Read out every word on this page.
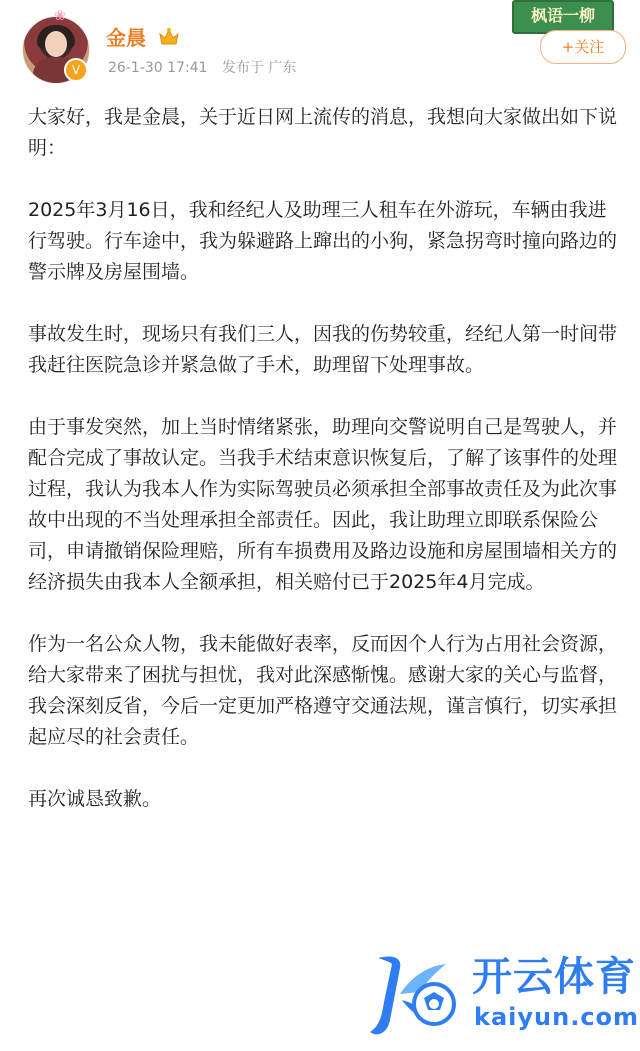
❀
V
金晨
26-1-30 17:41 发布于 广东
枫语一柳
+关注

大家好，我是金晨，关于近日网上流传的消息，我想向大家做出如下说明：

2025年3月16日，我和经纪人及助理三人租车在外游玩，车辆由我进行驾驶。行车途中，我为躲避路上蹿出的小狗，紧急拐弯时撞向路边的警示牌及房屋围墙。

事故发生时，现场只有我们三人，因我的伤势较重，经纪人第一时间带我赶往医院急诊并紧急做了手术，助理留下处理事故。

由于事发突然，加上当时情绪紧张，助理向交警说明自己是驾驶人，并配合完成了事故认定。当我手术结束意识恢复后，了解了该事件的处理过程，我认为我本人作为实际驾驶员必须承担全部事故责任及为此次事故中出现的不当处理承担全部责任。因此，我让助理立即联系保险公司，申请撤销保险理赔，所有车损费用及路边设施和房屋围墙相关方的经济损失由我本人全额承担，相关赔付已于2025年4月完成。

作为一名公众人物，我未能做好表率，反而因个人行为占用社会资源，给大家带来了困扰与担忧，我对此深感惭愧。感谢大家的关心与监督，我会深刻反省，今后一定更加严格遵守交通法规，谨言慎行，切实承担起应尽的社会责任。

再次诚恳致歉。

开云体育
kaiyun.com
